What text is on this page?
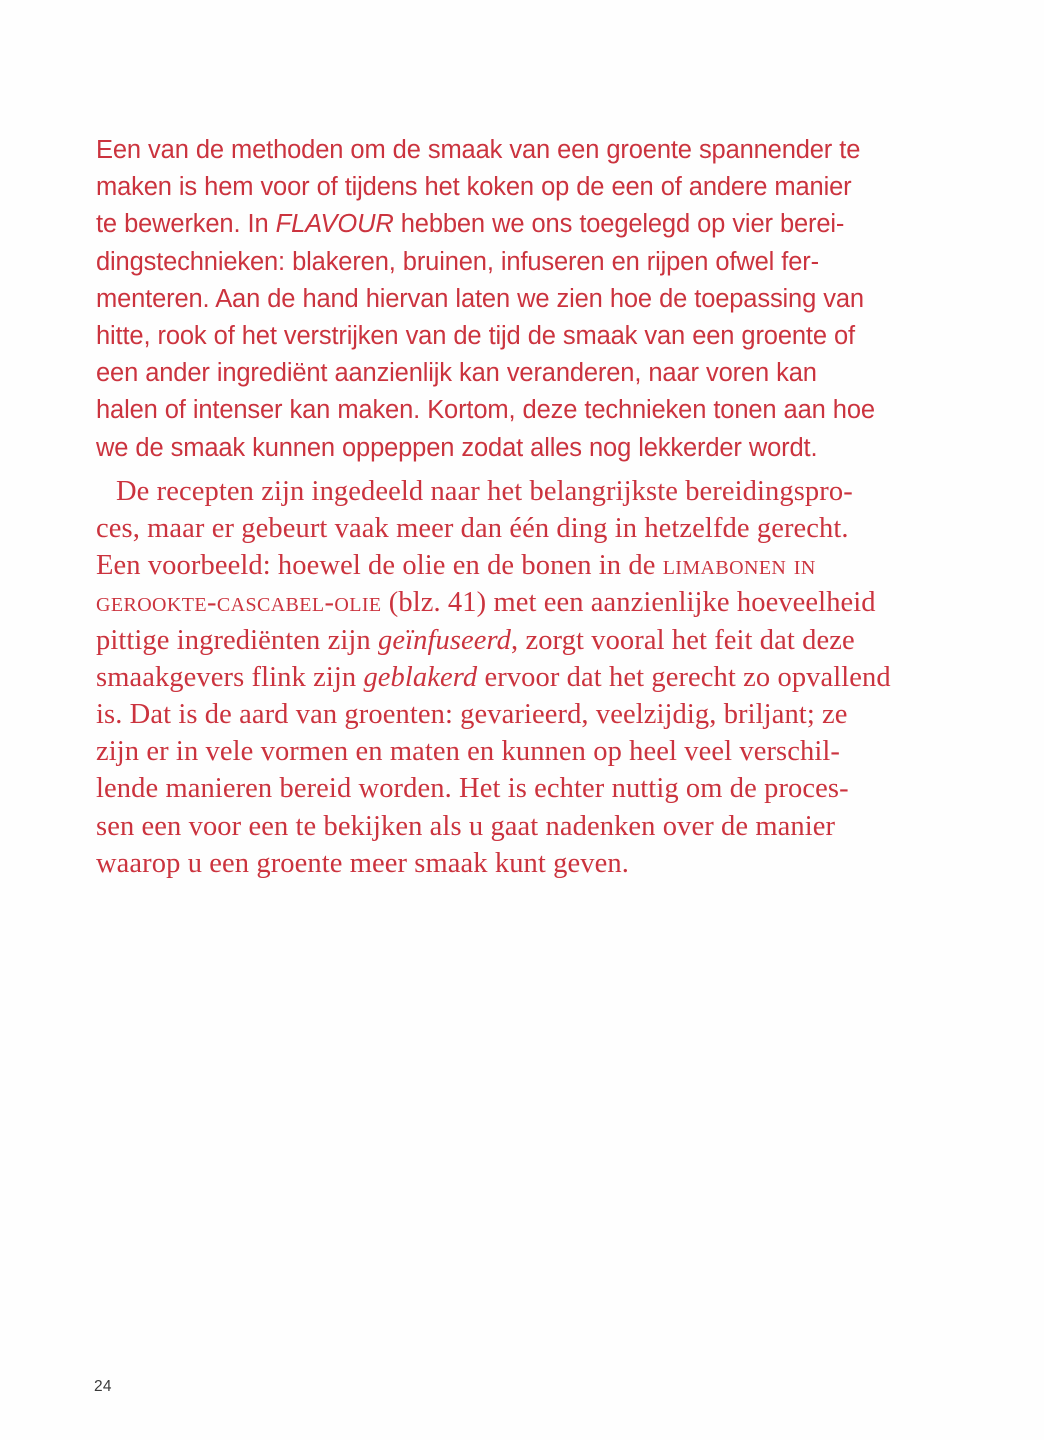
Een van de methoden om de smaak van een groente spannender te
maken is hem voor of tijdens het koken op de een of andere manier
te bewerken. In FLAVOUR hebben we ons toegelegd op vier berei-
dingstechnieken: blakeren, bruinen, infuseren en rijpen ofwel fer-
menteren. Aan de hand hiervan laten we zien hoe de toepassing van
hitte, rook of het verstrijken van de tijd de smaak van een groente of
een ander ingrediënt aanzienlijk kan veranderen, naar voren kan
halen of intenser kan maken. Kortom, deze technieken tonen aan hoe
we de smaak kunnen oppeppen zodat alles nog lekkerder wordt.

De recepten zijn ingedeeld naar het belangrijkste bereidingspro-
ces, maar er gebeurt vaak meer dan één ding in hetzelfde gerecht.
Een voorbeeld: hoewel de olie en de bonen in de limabonen in
gerookte-cascabel-olie (blz. 41) met een aanzienlijke hoeveelheid
pittige ingrediënten zijn geïnfuseerd, zorgt vooral het feit dat deze
smaakgevers flink zijn geblakerd ervoor dat het gerecht zo opvallend
is. Dat is de aard van groenten: gevarieerd, veelzijdig, briljant; ze
zijn er in vele vormen en maten en kunnen op heel veel verschil-
lende manieren bereid worden. Het is echter nuttig om de proces-
sen een voor een te bekijken als u gaat nadenken over de manier
waarop u een groente meer smaak kunt geven.

24
